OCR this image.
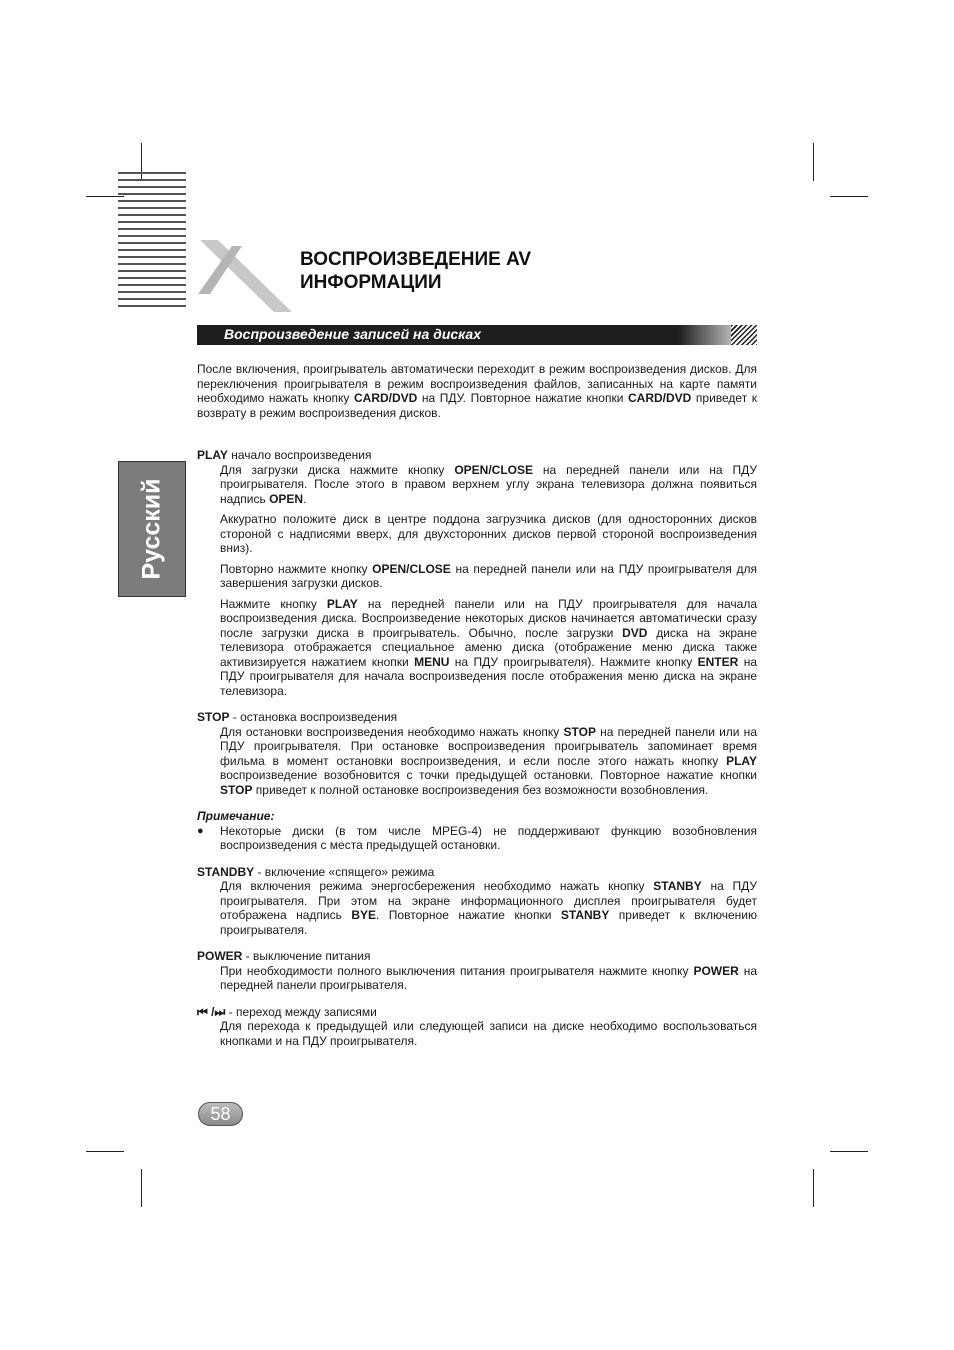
ВОСПРОИЗВЕДЕНИЕ AV
ИНФОРМАЦИИ
Воспроизведение записей на дисках
Русский

После включения, проигрыватель автоматически переходит в режим воспроизведения дисков. Для переключения проигрывателя в режим воспроизведения файлов, записанных на карте памяти необходимо нажать кнопку CARD/DVD на ПДУ. Повторное нажатие кнопки CARD/DVD приведет к возврату в режим воспроизведения дисков.

PLAY начало воспроизведения

Для загрузки диска нажмите кнопку OPEN/CLOSE на передней панели или на ПДУ проигрывателя. После этого в правом верхнем углу экрана телевизора должна появиться надпись OPEN.

Аккуратно положите диск в центре поддона загрузчика дисков (для односторонних дисков стороной с надписями вверх, для двухсторонних дисков первой стороной воспроизведения вниз).

Повторно нажмите кнопку OPEN/CLOSE на передней панели или на ПДУ проигрывателя для завершения загрузки дисков.

Нажмите кнопку PLAY на передней панели или на ПДУ проигрывателя для начала воспроизведения диска. Воспроизведение некоторых дисков начинается автоматически сразу после загрузки диска в проигрыватель. Обычно, после загрузки DVD диска на экране телевизора отображается специальное аменю диска (отображение меню диска также активизируется нажатием кнопки MENU на ПДУ проигрывателя). Нажмите кнопку ENTER на ПДУ проигрывателя для начала воспроизведения после отображения меню диска на экране телевизора.

STOP - остановка воспроизведения

Для остановки воспроизведения необходимо нажать кнопку STOP на передней панели или на ПДУ проигрывателя. При остановке воспроизведения проигрыватель запоминает время фильма в момент остановки воспроизведения, и если после этого нажать кнопку PLAY воспроизведение возобновится с точки предыдущей остановки. Повторное нажатие кнопки STOP приведет к полной остановке воспроизведения без возможности возобновления.

Примечание:

●	Некоторые диски (в том числе MPEG-4) не поддерживают функцию возобновления воспроизведения с места предыдущей остановки.

STANDBY - включение «спящего» режима

Для включения режима энергосбережения необходимо нажать кнопку STANBY на ПДУ проигрывателя. При этом на экране информационного дисплея проигрывателя будет отображена надпись BYE. Повторное нажатие кнопки STANBY приведет к включению проигрывателя.

POWER - выключение питания

При необходимости полного выключения питания проигрывателя нажмите кнопку POWER на передней панели проигрывателя.

⏮ /⏭ - переход между записями

Для перехода к предыдущей или следующей записи на диске необходимо воспользоваться кнопками и на ПДУ проигрывателя.

58
